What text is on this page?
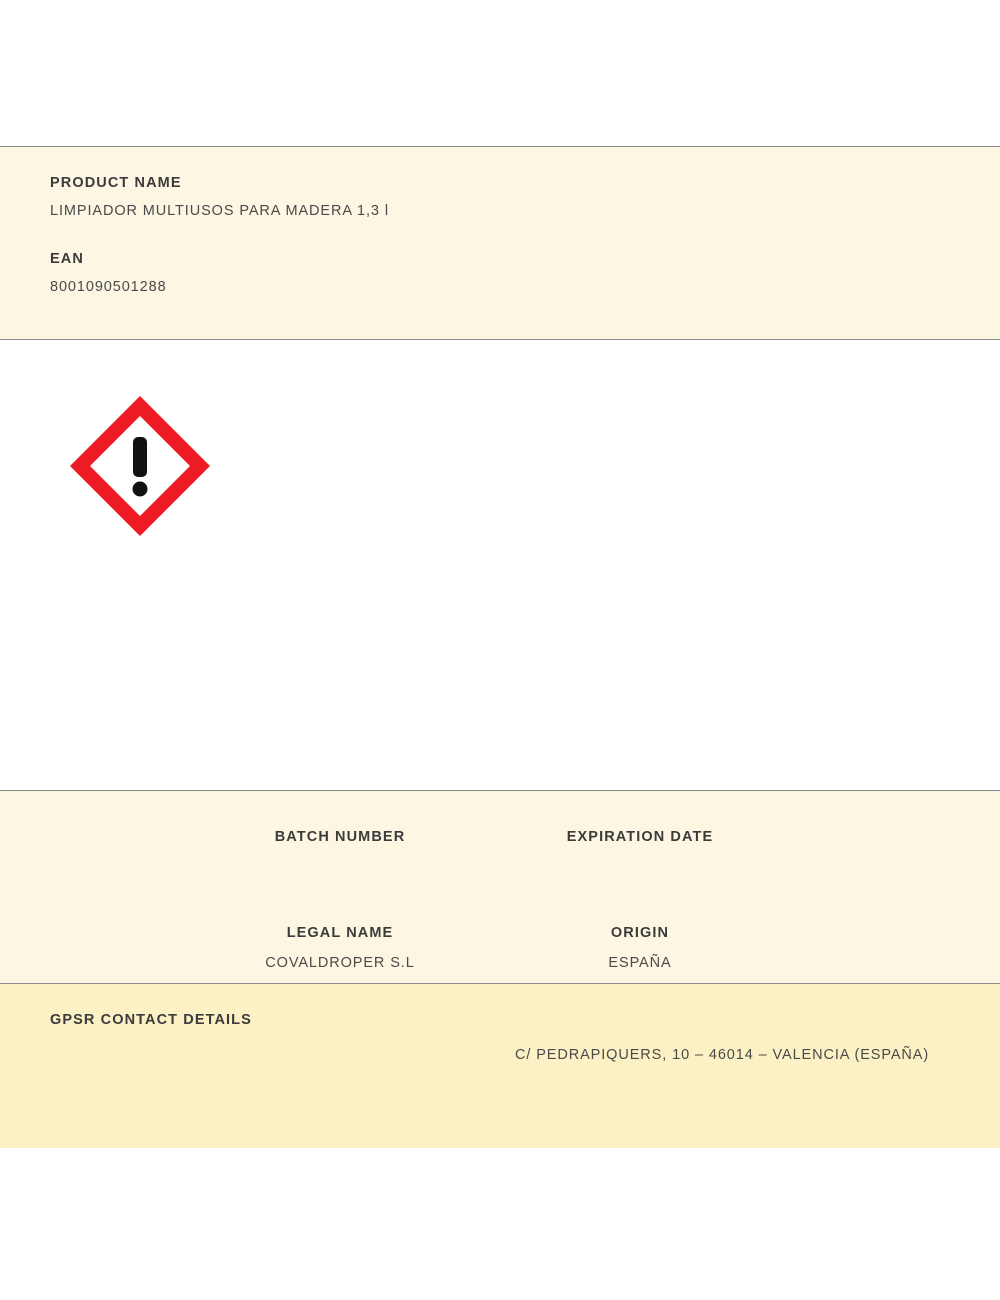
PRODUCT NAME
LIMPIADOR MULTIUSOS PARA MADERA 1,3 l
EAN
8001090501288
BATCH NUMBER	EXPIRATION DATE
LEGAL NAME
COVALDROPER S.L
ORIGIN
ESPAÑA
GPSR CONTACT DETAILS
C/ PEDRAPIQUERS, 10 – 46014 – VALENCIA (ESPAÑA)
